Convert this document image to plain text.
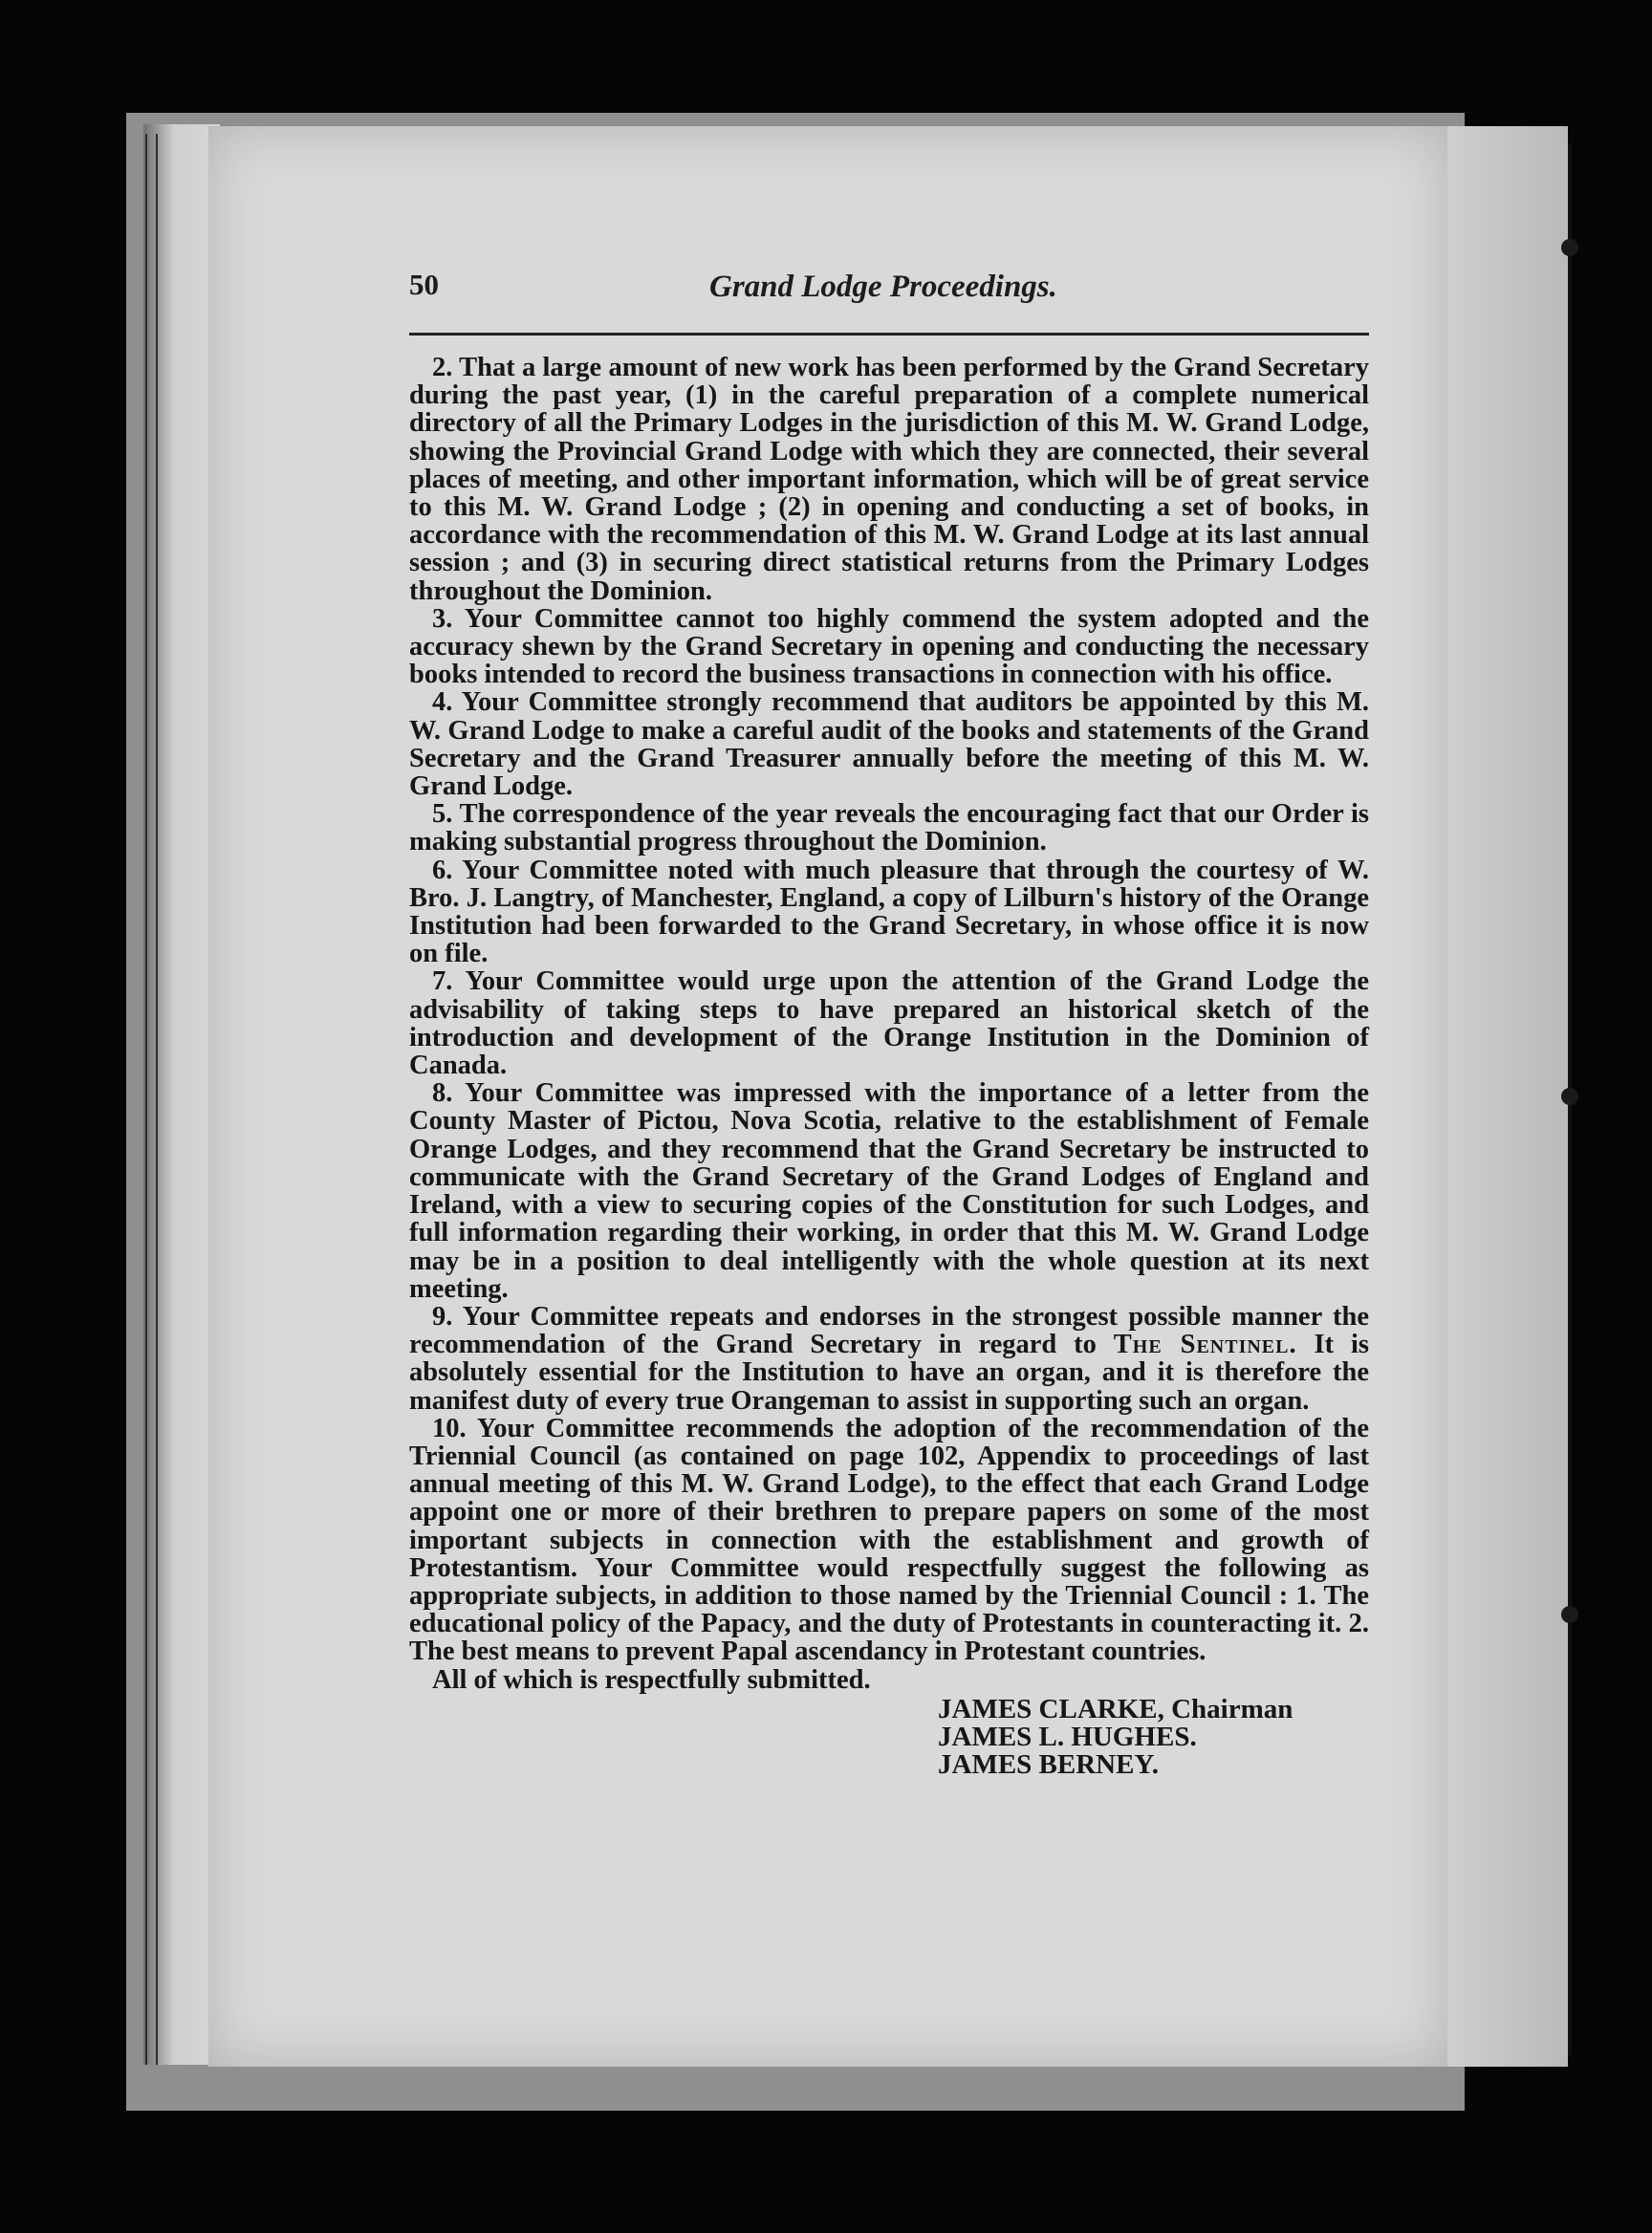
50	Grand Lodge Proceedings.

2. That a large amount of new work has been performed by the Grand Secretary during the past year, (1) in the careful preparation of a complete numerical directory of all the Primary Lodges in the jurisdiction of this M. W. Grand Lodge, showing the Provincial Grand Lodge with which they are connected, their several places of meeting, and other important information, which will be of great service to this M. W. Grand Lodge ; (2) in opening and conducting a set of books, in accordance with the recommendation of this M. W. Grand Lodge at its last annual session ; and (3) in securing direct statistical returns from the Primary Lodges throughout the Dominion.

3. Your Committee cannot too highly commend the system adopted and the accuracy shewn by the Grand Secretary in opening and conducting the necessary books intended to record the business transactions in connection with his office.

4. Your Committee strongly recommend that auditors be appointed by this M. W. Grand Lodge to make a careful audit of the books and statements of the Grand Secretary and the Grand Treasurer annually before the meeting of this M. W. Grand Lodge.

5. The correspondence of the year reveals the encouraging fact that our Order is making substantial progress throughout the Dominion.

6. Your Committee noted with much pleasure that through the courtesy of W. Bro. J. Langtry, of Manchester, England, a copy of Lilburn's history of the Orange Institution had been forwarded to the Grand Secretary, in whose office it is now on file.

7. Your Committee would urge upon the attention of the Grand Lodge the advisability of taking steps to have prepared an historical sketch of the introduction and development of the Orange Institution in the Dominion of Canada.

8. Your Committee was impressed with the importance of a letter from the County Master of Pictou, Nova Scotia, relative to the establishment of Female Orange Lodges, and they recommend that the Grand Secretary be instructed to communicate with the Grand Secretary of the Grand Lodges of England and Ireland, with a view to securing copies of the Constitution for such Lodges, and full information regarding their working, in order that this M. W. Grand Lodge may be in a position to deal intelligently with the whole question at its next meeting.

9. Your Committee repeats and endorses in the strongest possible manner the recommendation of the Grand Secretary in regard to The Sentinel. It is absolutely essential for the Institution to have an organ, and it is therefore the manifest duty of every true Orangeman to assist in supporting such an organ.

10. Your Committee recommends the adoption of the recommendation of the Triennial Council (as contained on page 102, Appendix to proceedings of last annual meeting of this M. W. Grand Lodge), to the effect that each Grand Lodge appoint one or more of their brethren to prepare papers on some of the most important subjects in connection with the establishment and growth of Protestantism. Your Committee would respectfully suggest the following as appropriate subjects, in addition to those named by the Triennial Council : 1. The educational policy of the Papacy, and the duty of Protestants in counteracting it. 2. The best means to prevent Papal ascendancy in Protestant countries.

All of which is respectfully submitted.

JAMES CLARKE, Chairman
JAMES L. HUGHES.
JAMES BERNEY.
